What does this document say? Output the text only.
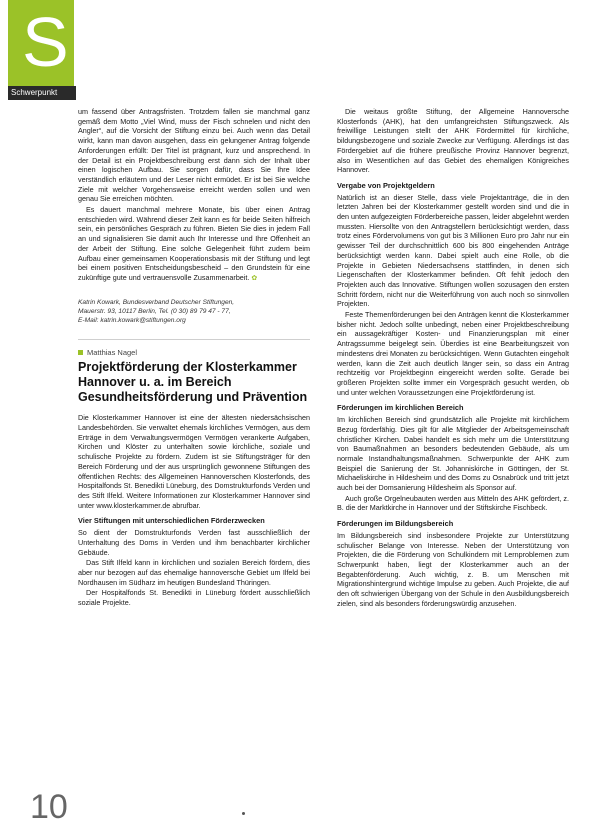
S
Schwerpunkt

um fassend über Antragsfristen. Trotzdem fallen sie manchmal ganz gemäß dem Motto „Viel Wind, muss der Fisch schnelen und nicht den Angler“, auf die Vorsicht der Stiftung einzu bei. Auch wenn das Detail wirkt, kann man davon ausgehen, dass ein gelungener Antrag folgende Anforderungen erfüllt: Der Titel ist prägnant, kurz und ansprechend. In der Detail ist ein Projektbeschreibung erst dann sich der Inhalt über einen logischen Aufbau. Sie sorgen dafür, dass Sie Ihre Idee verständlich erläutern und der Leser nicht ermüdet. Er ist bei Sie welche Ziele mit welcher Vorgehensweise erreicht werden sollen und wen genau Sie erreichen möchten.

Es dauert manchmal mehrere Monate, bis über einen Antrag entschieden wird. Während dieser Zeit kann es für beide Seiten hilfreich sein, ein persönliches Gespräch zu führen. Bieten Sie dies in jedem Fall an und signalisieren Sie damit auch Ihr Interesse und Ihre Offenheit an der Arbeit der Stiftung. Eine solche Gelegenheit führt zudem beim Aufbau einer gemeinsamen Kooperationsbasis mit der Stiftung und legt bei einem positiven Entscheidungsbescheid – den Grundstein für eine zukünftige gute und vertrauensvolle Zusammenarbeit. ✿

Katrin Kowark, Bundesverband Deutscher Stiftungen,
Mauerstr. 93, 10117 Berlin, Tel. (0 30) 89 79 47 - 77,
E-Mail: katrin.kowark@stiftungen.org
Matthias Nagel
Projektförderung der Klosterkammer Hannover u. a. im Bereich Gesundheitsförderung und Prävention

Die Klosterkammer Hannover ist eine der ältesten niedersächsischen Landesbehörden. Sie verwaltet ehemals kirchliches Vermögen, aus dem Erträge in dem Verwaltungsvermögen Vermögen verankerte Aufgaben, Kirchen und Klöster zu unterhalten sowie kirchliche, soziale und schulische Projekte zu fördern. Zudem ist sie Stiftungsträger für den Bereich Förderung und der aus ursprünglich gewonnene Stiftungen des öffentlichen Rechts: des Allgemeinen Hannoverschen Klosterfonds, des Hospitalfonds St. Benedikti Lüneburg, des Domstrukturfonds Verden und des Stift Ilfeld. Weitere Informationen zur Klosterkammer Hannover sind unter www.klosterkammer.de abrufbar.

Vier Stiftungen mit unterschiedlichen Förderzwecken

So dient der Domstrukturfonds Verden fast ausschließlich der Unterhaltung des Doms in Verden und ihm benachbarter kirchlicher Gebäude.

Das Stift Ilfeld kann in kirchlichen und sozialen Bereich fördern, dies aber nur bezogen auf das ehemalige hannoversche Gebiet um Ilfeld bei Nordhausen im Südharz im heutigen Bundesland Thüringen.

Der Hospitalfonds St. Benedikti in Lüneburg fördert ausschließlich soziale Projekte.

Die weitaus größte Stiftung, der Allgemeine Hannoversche Klosterfonds (AHK), hat den umfangreichsten Stiftungszweck. Als freiwillige Leistungen stellt der AHK Fördermittel für kirchliche, bildungsbezogene und soziale Zwecke zur Verfügung. Allerdings ist das Fördergebiet auf die frühere preußische Provinz Hannover begrenzt, also im Wesentlichen auf das Gebiet des ehemaligen Königreiches Hannover.

Vergabe von Projektgeldern

Natürlich ist an dieser Stelle, dass viele Projektanträge, die in den letzten Jahren bei der Klosterkammer gestellt worden sind und die in den unten aufgezeigten Förderbereiche passen, leider abgelehnt werden mussten. Hiersollte von den Antragstellern berücksichtigt werden, dass trotz eines Fördervolumens von gut bis 3 Millionen Euro pro Jahr nur ein gewisser Teil der durchschnittlich 600 bis 800 eingehenden Anträge berücksichtigt werden kann. Dabei spielt auch eine Rolle, ob die Projekte in Gebieten Niedersachsens stattfinden, in denen sich Liegenschaften der Klosterkammer befinden. Oft fehlt jedoch den Projekten auch das Innovative. Stiftungen wollen sozusagen den ersten Schritt fördern, nicht nur die Weiterführung von auch noch so sinnvollen Projekten.

Feste Themenförderungen bei den Anträgen kennt die Klosterkammer bisher nicht. Jedoch sollte unbedingt, neben einer Projektbeschreibung ein aussagekräftiger Kosten- und Finanzierungsplan mit einer Antragssumme beigelegt sein. Überdies ist eine Bearbeitungszeit von mindestens drei Monaten zu berücksichtigen. Wenn Gutachten eingeholt werden, kann die Zeit auch deutlich länger sein, so dass ein Antrag rechtzeitig vor Projektbeginn eingereicht werden sollte. Gerade bei größeren Projekten sollte immer ein Vorgespräch gesucht werden, ob und unter welchen Voraussetzungen eine Projektförderung ist.

Förderungen im kirchlichen Bereich

Im kirchlichen Bereich sind grundsätzlich alle Projekte mit kirchlichem Bezug förderfähig. Dies gilt für alle Mitglieder der Arbeitsgemeinschaft christlicher Kirchen. Dabei handelt es sich mehr um die Unterstützung von Baumaßnahmen an besonders bedeutenden Gebäude, als um normale Instandhaltungsmaßnahmen. Schwerpunkte der AHK zum Beispiel die Sanierung der St. Johanniskirche in Göttingen, der St. Michaeliskirche in Hildesheim und des Doms zu Osnabrück und tritt jetzt auch bei der Domsanierung Hildesheim als Sponsor auf.

Auch große Orgelneubauten werden aus Mitteln des AHK gefördert, z. B. die der Marktkirche in Hannover und der Stiftskirche Fischbeck.

Förderungen im Bildungsbereich

Im Bildungsbereich sind insbesondere Projekte zur Unterstützung schulischer Belange von Interesse. Neben der Unterstützung von Projekten, die die Förderung von Schulkindern mit Lernproblemen zum Schwerpunkt haben, liegt der Klosterkammer auch an der Begabtenförderung. Auch wichtig, z. B. um Menschen mit Migrationshintergrund wichtige Impulse zu geben. Auch Projekte, die auf den oft schwierigen Übergang von der Schule in den Ausbildungsbereich zielen, sind als besonders förderungswürdig anzusehen.

10
